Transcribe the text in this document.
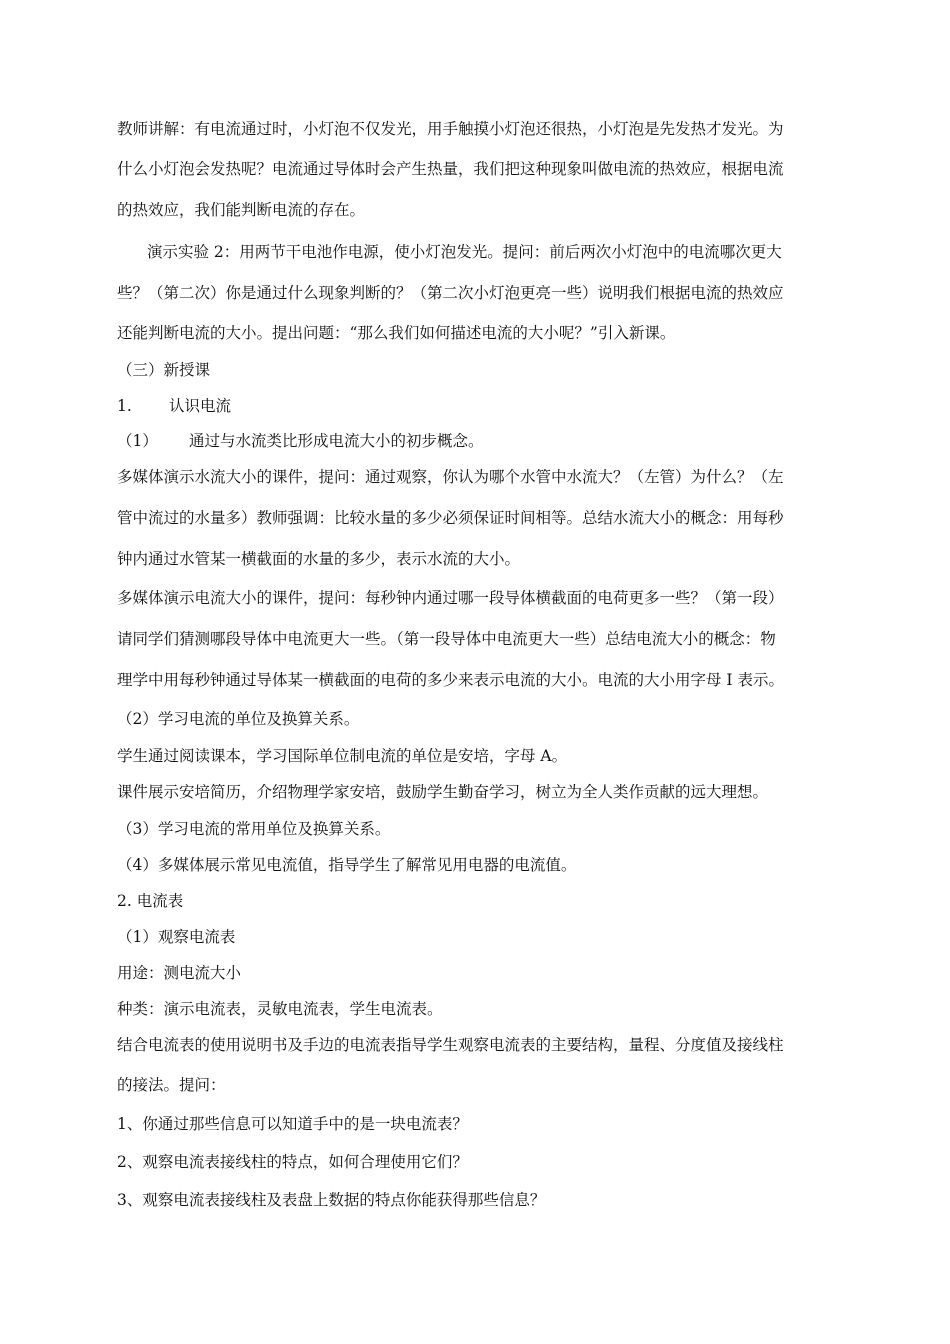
教师讲解：有电流通过时，小灯泡不仅发光，用手触摸小灯泡还很热，小灯泡是先发热才发光。为
什么小灯泡会发热呢？电流通过导体时会产生热量，我们把这种现象叫做电流的热效应，根据电流
的热效应，我们能判断电流的存在。
演示实验 2：用两节干电池作电源，使小灯泡发光。提问：前后两次小灯泡中的电流哪次更大
些？（第二次）你是通过什么现象判断的？（第二次小灯泡更亮一些）说明我们根据电流的热效应
还能判断电流的大小。提出问题：“那么我们如何描述电流的大小呢？”引入新课。
（三）新授课
1. 认识电流
（1） 通过与水流类比形成电流大小的初步概念。
多媒体演示水流大小的课件，提问：通过观察，你认为哪个水管中水流大？（左管）为什么？（左
管中流过的水量多）教师强调：比较水量的多少必须保证时间相等。总结水流大小的概念：用每秒
钟内通过水管某一横截面的水量的多少，表示水流的大小。
多媒体演示电流大小的课件，提问：每秒钟内通过哪一段导体横截面的电荷更多一些？（第一段）
请同学们猜测哪段导体中电流更大一些。（第一段导体中电流更大一些）总结电流大小的概念：物
理学中用每秒钟通过导体某一横截面的电荷的多少来表示电流的大小。电流的大小用字母 I 表示。
（2）学习电流的单位及换算关系。
学生通过阅读课本，学习国际单位制电流的单位是安培，字母 A。
课件展示安培简历，介绍物理学家安培，鼓励学生勤奋学习，树立为全人类作贡献的远大理想。
（3）学习电流的常用单位及换算关系。
（4）多媒体展示常见电流值，指导学生了解常见用电器的电流值。
2. 电流表
（1）观察电流表
用途：测电流大小
种类：演示电流表，灵敏电流表，学生电流表。
结合电流表的使用说明书及手边的电流表指导学生观察电流表的主要结构，量程、分度值及接线柱
的接法。提问：
1、你通过那些信息可以知道手中的是一块电流表？
2、观察电流表接线柱的特点，如何合理使用它们？
3、观察电流表接线柱及表盘上数据的特点你能获得那些信息？
